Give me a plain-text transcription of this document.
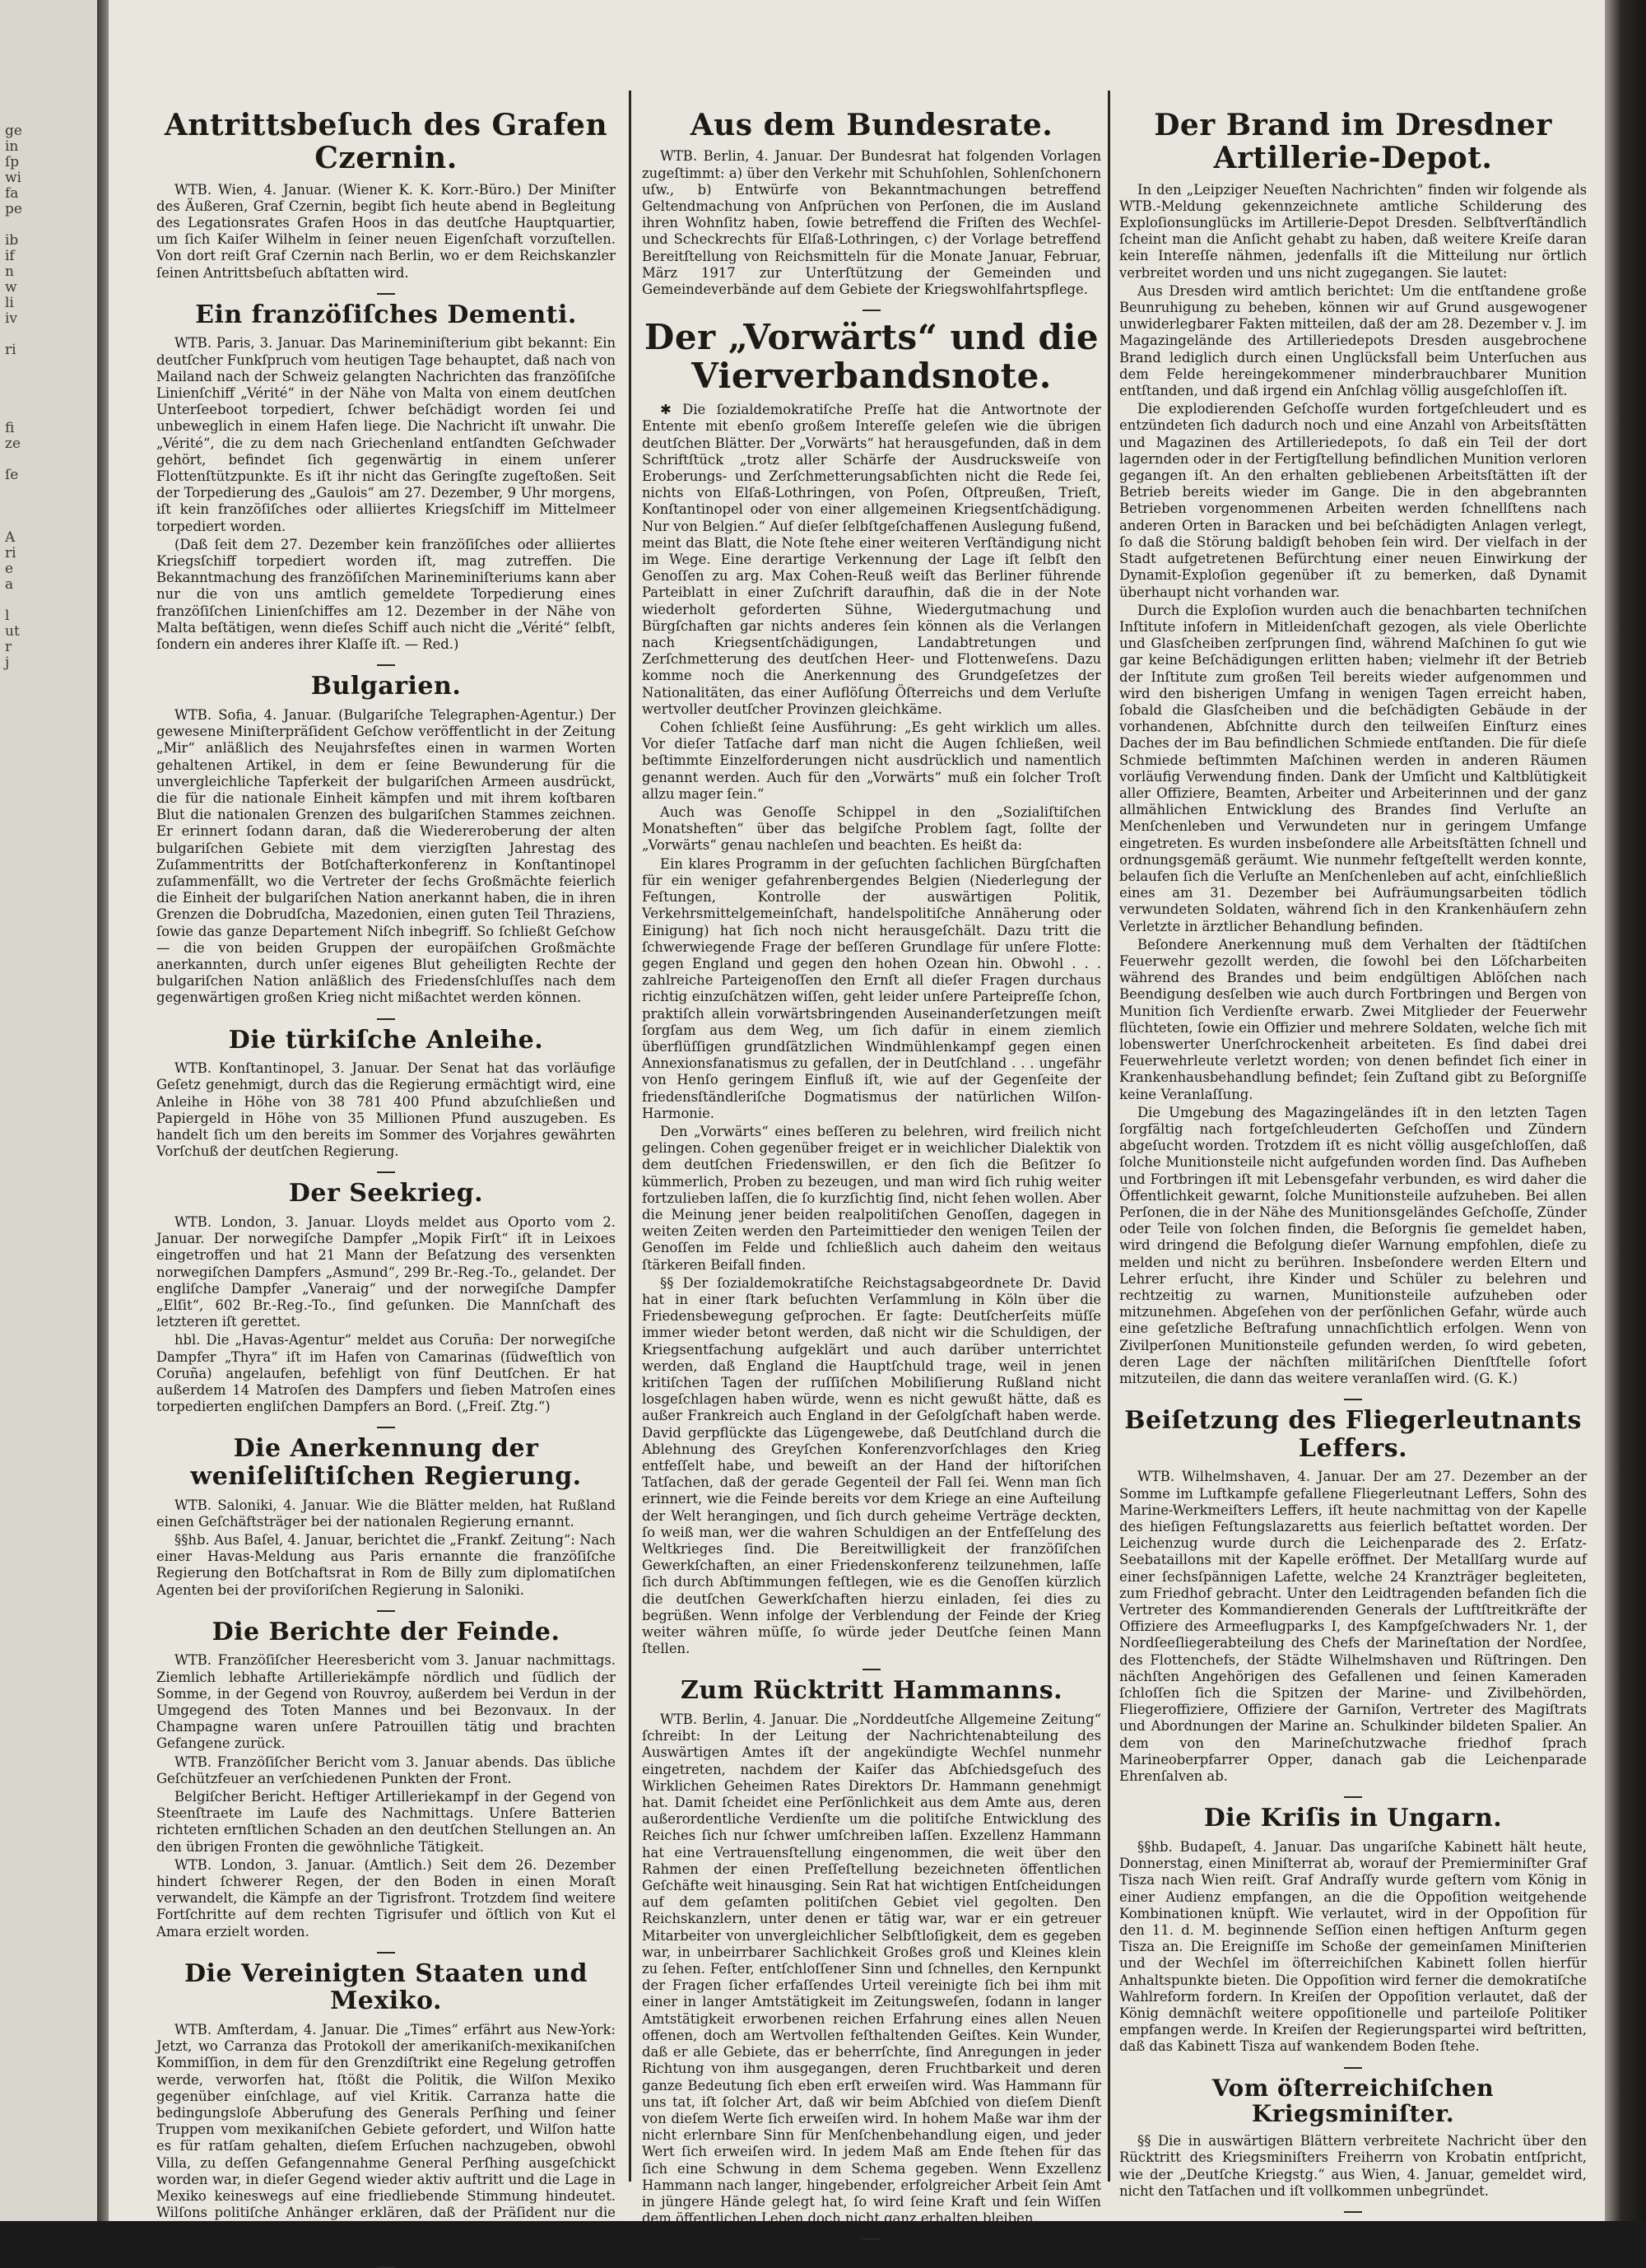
ge
in
ſp
wi
fa
pe
ib
if
n
w
li
iv
ri
fi
ze
ſe
A
ri
e
a
l
ut
r
j
Antrittsbeſuch des Grafen Czernin.

WTB. Wien, 4. Januar. (Wiener K. K. Korr.-Büro.) Der Miniſter des Äußeren, Graf Czernin, begibt ſich heute abend in Begleitung des Legationsrates Grafen Hoos in das deutſche Hauptquartier, um ſich Kaiſer Wilhelm in ſeiner neuen Eigenſchaft vorzuſtellen. Von dort reiſt Graf Czernin nach Berlin, wo er dem Reichskanzler ſeinen Antrittsbeſuch abſtatten wird.

Ein franzöſiſches Dementi.

WTB. Paris, 3. Januar. Das Marineminiſterium gibt bekannt: Ein deutſcher Funkſpruch vom heutigen Tage behauptet, daß nach von Mailand nach der Schweiz gelangten Nachrichten das franzöſiſche Linienſchiff „Vérité“ in der Nähe von Malta von einem deutſchen Unterſeeboot torpediert, ſchwer beſchädigt worden ſei und unbeweglich in einem Hafen liege. Die Nachricht iſt unwahr. Die „Vérité“, die zu dem nach Griechenland entſandten Geſchwader gehört, befindet ſich gegenwärtig in einem unſerer Flottenſtützpunkte. Es iſt ihr nicht das Geringſte zugeſtoßen. Seit der Torpedierung des „Gaulois“ am 27. Dezember, 9 Uhr morgens, iſt kein franzöſiſches oder alliiertes Kriegsſchiff im Mittelmeer torpediert worden.

(Daß ſeit dem 27. Dezember kein franzöſiſches oder alliiertes Kriegsſchiff torpediert worden iſt, mag zutreffen. Die Bekanntmachung des franzöſiſchen Marineminiſteriums kann aber nur die von uns amtlich gemeldete Torpedierung eines franzöſiſchen Linienſchiffes am 12. Dezember in der Nähe von Malta beſtätigen, wenn dieſes Schiff auch nicht die „Vérité“ ſelbſt, ſondern ein anderes ihrer Klaſſe iſt. — Red.)

Bulgarien.

WTB. Sofia, 4. Januar. (Bulgariſche Telegraphen-Agentur.) Der gewesene Miniſterpräſident Geſchow veröffentlicht in der Zeitung „Mir“ anläßlich des Neujahrsfeſtes einen in warmen Worten gehaltenen Artikel, in dem er ſeine Bewunderung für die unvergleichliche Tapferkeit der bulgariſchen Armeen ausdrückt, die für die nationale Einheit kämpfen und mit ihrem koſtbaren Blut die nationalen Grenzen des bulgariſchen Stammes zeichnen. Er erinnert ſodann daran, daß die Wiedereroberung der alten bulgariſchen Gebiete mit dem vierzigſten Jahrestag des Zuſammentritts der Botſchafterkonferenz in Konſtantinopel zuſammenfällt, wo die Vertreter der ſechs Großmächte feierlich die Einheit der bulgariſchen Nation anerkannt haben, die in ihren Grenzen die Dobrudſcha, Mazedonien, einen guten Teil Thraziens, ſowie das ganze Departement Niſch inbegriff. So ſchließt Geſchow — die von beiden Gruppen der europäiſchen Großmächte anerkannten, durch unſer eigenes Blut geheiligten Rechte der bulgariſchen Nation anläßlich des Friedensſchluſſes nach dem gegenwärtigen großen Krieg nicht mißachtet werden können.

Die türkiſche Anleihe.

WTB. Konſtantinopel, 3. Januar. Der Senat hat das vorläufige Geſetz genehmigt, durch das die Regierung ermächtigt wird, eine Anleihe in Höhe von 38 781 400 Pfund abzuſchließen und Papiergeld in Höhe von 35 Millionen Pfund auszugeben. Es handelt ſich um den bereits im Sommer des Vorjahres gewährten Vorſchuß der deutſchen Regierung.

Der Seekrieg.

WTB. London, 3. Januar. Lloyds meldet aus Oporto vom 2. Januar. Der norwegiſche Dampfer „Mopik Firſt“ iſt in Leixoes eingetroffen und hat 21 Mann der Beſatzung des versenkten norwegiſchen Dampfers „Asmund“, 299 Br.-Reg.-To., gelandet. Der engliſche Dampfer „Vaneraig“ und der norwegiſche Dampfer „Elſit“, 602 Br.-Reg.-To., ſind geſunken. Die Mannſchaft des letzteren iſt gerettet.

hbl. Die „Havas-Agentur“ meldet aus Coruña: Der norwegiſche Dampfer „Thyra“ iſt im Hafen von Camarinas (ſüdweſtlich von Coruña) angelaufen, befehligt von fünf Deutſchen. Er hat außerdem 14 Matroſen des Dampfers und ſieben Matroſen eines torpedierten engliſchen Dampfers an Bord. („Freiſ. Ztg.“)

Die Anerkennung der weniſeliſtiſchen Regierung.

WTB. Saloniki, 4. Januar. Wie die Blätter melden, hat Rußland einen Geſchäftsträger bei der nationalen Regierung ernannt.

§§hb. Aus Baſel, 4. Januar, berichtet die „Frankf. Zeitung“: Nach einer Havas-Meldung aus Paris ernannte die franzöſiſche Regierung den Botſchaftsrat in Rom de Billy zum diplomatiſchen Agenten bei der proviſoriſchen Regierung in Saloniki.

Die Berichte der Feinde.

WTB. Franzöſiſcher Heeresbericht vom 3. Januar nachmittags. Ziemlich lebhafte Artilleriekämpfe nördlich und ſüdlich der Somme, in der Gegend von Rouvroy, außerdem bei Verdun in der Umgegend des Toten Mannes und bei Bezonvaux. In der Champagne waren unſere Patrouillen tätig und brachten Gefangene zurück.

WTB. Franzöſiſcher Bericht vom 3. Januar abends. Das übliche Geſchützfeuer an verſchiedenen Punkten der Front.

Belgiſcher Bericht. Heftiger Artilleriekampf in der Gegend von Steenſtraete im Laufe des Nachmittags. Unſere Batterien richteten ernſtlichen Schaden an den deutſchen Stellungen an. An den übrigen Fronten die gewöhnliche Tätigkeit.

WTB. London, 3. Januar. (Amtlich.) Seit dem 26. Dezember hindert ſchwerer Regen, der den Boden in einen Moraſt verwandelt, die Kämpfe an der Tigrisfront. Trotzdem ſind weitere Fortſchritte auf dem rechten Tigrisufer und öſtlich von Kut el Amara erzielt worden.

Die Vereinigten Staaten und Mexiko.

WTB. Amſterdam, 4. Januar. Die „Times“ erfährt aus New-York: Jetzt, wo Carranza das Protokoll der amerikaniſch-mexikaniſchen Kommiſſion, in dem für den Grenzdiſtrikt eine Regelung getroffen werde, verworfen hat, ſtößt die Politik, die Wilſon Mexiko gegenüber einſchlage, auf viel Kritik. Carranza hatte die bedingungsloſe Abberufung des Generals Perſhing und ſeiner Truppen vom mexikaniſchen Gebiete gefordert, und Wilſon hatte es für ratſam gehalten, dieſem Erſuchen nachzugeben, obwohl Villa, zu deſſen Gefangennahme General Perſhing ausgeſchickt worden war, in dieſer Gegend wieder aktiv auftritt und die Lage in Mexiko keineswegs auf eine friedliebende Stimmung hindeutet. Wilſons politiſche Anhänger erklären, daß der Präſident nur die ernſte Verlangen habe, Mexiko jede Gelegenheit zu geben, ſeine Angelegenheiten ſelbſt zu regeln.

Aus dem Bundesrate.

WTB. Berlin, 4. Januar. Der Bundesrat hat folgenden Vorlagen zugeſtimmt: a) über den Verkehr mit Schuhſohlen, Sohlenſchonern uſw., b) Entwürfe von Bekanntmachungen betreffend Geltendmachung von Anſprüchen von Perſonen, die im Ausland ihren Wohnſitz haben, ſowie betreffend die Friſten des Wechſel- und Scheckrechts für Elſaß-Lothringen, c) der Vorlage betreffend Bereitſtellung von Reichsmitteln für die Monate Januar, Februar, März 1917 zur Unterſtützung der Gemeinden und Gemeindeverbände auf dem Gebiete der Kriegswohlfahrtspflege.

Der „Vorwärts“ und die Vierverbandsnote.

✱ Die ſozialdemokratiſche Preſſe hat die Antwortnote der Entente mit ebenſo großem Intereſſe geleſen wie die übrigen deutſchen Blätter. Der „Vorwärts“ hat herausgefunden, daß in dem Schriftſtück „trotz aller Schärfe der Ausdrucksweiſe von Eroberungs- und Zerſchmetterungsabſichten nicht die Rede ſei, nichts von Elſaß-Lothringen, von Poſen, Oſtpreußen, Trieſt, Konſtantinopel oder von einer allgemeinen Kriegsentſchädigung. Nur von Belgien.“ Auf dieſer ſelbſtgeſchaffenen Auslegung fußend, meint das Blatt, die Note ſtehe einer weiteren Verſtändigung nicht im Wege. Eine derartige Verkennung der Lage iſt ſelbſt den Genoſſen zu arg. Max Cohen-Reuß weiſt das Berliner führende Parteiblatt in einer Zuſchrift daraufhin, daß die in der Note wiederholt geforderten Sühne, Wiedergutmachung und Bürgſchaften gar nichts anderes ſein können als die Verlangen nach Kriegsentſchädigungen, Landabtretungen und Zerſchmetterung des deutſchen Heer- und Flottenweſens. Dazu komme noch die Anerkennung des Grundgeſetzes der Nationalitäten, das einer Auflöſung Öſterreichs und dem Verluſte wertvoller deutſcher Provinzen gleichkäme.

Cohen ſchließt ſeine Ausführung: „Es geht wirklich um alles. Vor dieſer Tatſache darf man nicht die Augen ſchließen, weil beſtimmte Einzelforderungen nicht ausdrücklich und namentlich genannt werden. Auch für den „Vorwärts“ muß ein ſolcher Troſt allzu mager ſein.“

Auch was Genoſſe Schippel in den „Sozialiſtiſchen Monatsheften“ über das belgiſche Problem ſagt, ſollte der „Vorwärts“ genau nachleſen und beachten. Es heißt da:

Ein klares Programm in der geſuchten ſachlichen Bürgſchaften für ein weniger gefahrenbergendes Belgien (Niederlegung der Feſtungen, Kontrolle der auswärtigen Politik, Verkehrsmittelgemeinſchaft, handelspolitiſche Annäherung oder Einigung) hat ſich noch nicht herausgeſchält. Dazu tritt die ſchwerwiegende Frage der beſſeren Grundlage für unſere Flotte: gegen England und gegen den hohen Ozean hin. Obwohl . . . zahlreiche Parteigenoſſen den Ernſt all dieſer Fragen durchaus richtig einzuſchätzen wiſſen, geht leider unſere Parteipreſſe ſchon, praktiſch allein vorwärtsbringenden Auseinanderſetzungen meiſt ſorgſam aus dem Weg, um ſich dafür in einem ziemlich überflüſſigen grundſätzlichen Windmühlenkampf gegen einen Annexionsfanatismus zu gefallen, der in Deutſchland . . . ungefähr von Henſo geringem Einfluß iſt, wie auf der Gegenſeite der friedensſtändleriſche Dogmatismus der natürlichen Wilſon-Harmonie.

Den „Vorwärts“ eines beſſeren zu belehren, wird freilich nicht gelingen. Cohen gegenüber freiget er in weichlicher Dialektik von dem deutſchen Friedenswillen, er den ſich die Beſitzer ſo kümmerlich, Proben zu bezeugen, und man wird ſich ruhig weiter fortzulieben laſſen, die ſo kurzſichtig ſind, nicht ſehen wollen. Aber die Meinung jener beiden realpolitiſchen Genoſſen, dagegen in weiten Zeiten werden den Parteimittieder den wenigen Teilen der Genoſſen im Felde und ſchließlich auch daheim den weitaus ſtärkeren Beifall finden.

§§ Der ſozialdemokratiſche Reichstagsabgeordnete Dr. David hat in einer ſtark beſuchten Verſammlung in Köln über die Friedensbewegung geſprochen. Er ſagte: Deutſcherſeits müſſe immer wieder betont werden, daß nicht wir die Schuldigen, der Kriegsentfachung aufgeklärt und auch darüber unterrichtet werden, daß England die Hauptſchuld trage, weil in jenen kritiſchen Tagen der ruſſiſchen Mobiliſierung Rußland nicht losgeſchlagen haben würde, wenn es nicht gewußt hätte, daß es außer Frankreich auch England in der Geſolgſchaft haben werde. David gerpflückte das Lügengewebe, daß Deutſchland durch die Ablehnung des Greyſchen Konferenzvorſchlages den Krieg entfeſſelt habe, und beweiſt an der Hand der hiſtoriſchen Tatſachen, daß der gerade Gegenteil der Fall ſei. Wenn man ſich erinnert, wie die Feinde bereits vor dem Kriege an eine Aufteilung der Welt herangingen, und ſich durch geheime Verträge deckten, ſo weiß man, wer die wahren Schuldigen an der Entfeſſelung des Weltkrieges ſind. Die Bereitwilligkeit der franzöſiſchen Gewerkſchaften, an einer Friedenskonferenz teilzunehmen, laſſe ſich durch Abſtimmungen feſtlegen, wie es die Genoſſen kürzlich die deutſchen Gewerkſchaften hierzu einladen, ſei dies zu begrüßen. Wenn infolge der Verblendung der Feinde der Krieg weiter währen müſſe, ſo würde jeder Deutſche ſeinen Mann ſtellen.

Zum Rücktritt Hammanns.

WTB. Berlin, 4. Januar. Die „Norddeutſche Allgemeine Zeitung“ ſchreibt: In der Leitung der Nachrichtenabteilung des Auswärtigen Amtes iſt der angekündigte Wechſel nunmehr eingetreten, nachdem der Kaiſer das Abſchiedsgeſuch des Wirklichen Geheimen Rates Direktors Dr. Hammann genehmigt hat. Damit ſcheidet eine Perſönlichkeit aus dem Amte aus, deren außerordentliche Verdienſte um die politiſche Entwicklung des Reiches ſich nur ſchwer umſchreiben laſſen. Exzellenz Hammann hat eine Vertrauensſtellung eingenommen, die weit über den Rahmen der einen Preſſeſtellung bezeichneten öffentlichen Geſchäfte weit hinausging. Sein Rat hat wichtigen Entſcheidungen auf dem geſamten politiſchen Gebiet viel gegolten. Den Reichskanzlern, unter denen er tätig war, war er ein getreuer Mitarbeiter von unvergleichlicher Selbſtloſigkeit, dem es gegeben war, in unbeirrbarer Sachlichkeit Großes groß und Kleines klein zu ſehen. Feſter, entſchloſſener Sinn und ſchnelles, den Kernpunkt der Fragen ſicher erfaſſendes Urteil vereinigte ſich bei ihm mit einer in langer Amtstätigkeit im Zeitungsweſen, ſodann in langer Amtstätigkeit erworbenen reichen Erfahrung eines allen Neuen offenen, doch am Wertvollen feſthaltenden Geiſtes. Kein Wunder, daß er alle Gebiete, das er beherrſchte, ſind Anregungen in jeder Richtung von ihm ausgegangen, deren Fruchtbarkeit und deren ganze Bedeutung ſich eben erſt erweiſen wird. Was Hammann für uns tat, iſt ſolcher Art, daß wir beim Abſchied von dieſem Dienſt von dieſem Werte ſich erweiſen wird. In hohem Maße war ihm der nicht erlernbare Sinn für Menſchenbehandlung eigen, und jeder Wert ſich erweiſen wird. In jedem Maß am Ende ſtehen für das ſich eine Schwung in dem Schema gegeben. Wenn Exzellenz Hammann nach langer, hingebender, erfolgreicher Arbeit ſein Amt in jüngere Hände gelegt hat, ſo wird ſeine Kraft und ſein Wiſſen dem öffentlichen Leben doch nicht ganz erhalten bleiben.

Der Brand im Dresdner Artillerie-Depot.

In den „Leipziger Neueſten Nachrichten“ finden wir folgende als WTB.-Meldung gekennzeichnete amtliche Schilderung des Exploſionsunglücks im Artillerie-Depot Dresden. Selbſtverſtändlich ſcheint man die Anſicht gehabt zu haben, daß weitere Kreiſe daran kein Intereſſe nähmen, jedenfalls iſt die Mitteilung nur örtlich verbreitet worden und uns nicht zugegangen. Sie lautet:

Aus Dresden wird amtlich berichtet: Um die entſtandene große Beunruhigung zu beheben, können wir auf Grund ausgewogener unwiderlegbarer Fakten mitteilen, daß der am 28. Dezember v. J. im Magazingelände des Artilleriedepots Dresden ausgebrochene Brand lediglich durch einen Unglücksfall beim Unterſuchen aus dem Felde hereingekommener minderbrauchbarer Munition entſtanden, und daß irgend ein Anſchlag völlig ausgeſchloſſen iſt.

Die explodierenden Geſchoſſe wurden fortgeſchleudert und es entzündeten ſich dadurch noch und eine Anzahl von Arbeitsſtätten und Magazinen des Artilleriedepots, ſo daß ein Teil der dort lagernden oder in der Fertigſtellung befindlichen Munition verloren gegangen iſt. An den erhalten gebliebenen Arbeitsſtätten iſt der Betrieb bereits wieder im Gange. Die in den abgebrannten Betrieben vorgenommenen Arbeiten werden ſchnellſtens nach anderen Orten in Baracken und bei beſchädigten Anlagen verlegt, ſo daß die Störung baldigſt behoben ſein wird. Der vielfach in der Stadt aufgetretenen Befürchtung einer neuen Einwirkung der Dynamit-Exploſion gegenüber iſt zu bemerken, daß Dynamit überhaupt nicht vorhanden war.

Durch die Exploſion wurden auch die benachbarten techniſchen Inſtitute inſofern in Mitleidenſchaft gezogen, als viele Oberlichte und Glasſcheiben zerſprungen ſind, während Maſchinen ſo gut wie gar keine Beſchädigungen erlitten haben; vielmehr iſt der Betrieb der Inſtitute zum großen Teil bereits wieder aufgenommen und wird den bisherigen Umfang in wenigen Tagen erreicht haben, ſobald die Glasſcheiben und die beſchädigten Gebäude in der vorhandenen, Abſchnitte durch den teilweiſen Einſturz eines Daches der im Bau befindlichen Schmiede entſtanden. Die für dieſe Schmiede beſtimmten Maſchinen werden in anderen Räumen vorläufig Verwendung finden. Dank der Umſicht und Kaltblütigkeit aller Offiziere, Beamten, Arbeiter und Arbeiterinnen und der ganz allmählichen Entwicklung des Brandes ſind Verluſte an Menſchenleben und Verwundeten nur in geringem Umfange eingetreten. Es wurden insbeſondere alle Arbeitsſtätten ſchnell und ordnungsgemäß geräumt. Wie nunmehr feſtgeſtellt werden konnte, belaufen ſich die Verluſte an Menſchenleben auf acht, einſchließlich eines am 31. Dezember bei Aufräumungsarbeiten tödlich verwundeten Soldaten, während ſich in den Krankenhäuſern zehn Verletzte in ärztlicher Behandlung befinden.

Beſondere Anerkennung muß dem Verhalten der ſtädtiſchen Feuerwehr gezollt werden, die ſowohl bei den Löſcharbeiten während des Brandes und beim endgültigen Ablöſchen nach Beendigung desſelben wie auch durch Fortbringen und Bergen von Munition ſich Verdienſte erwarb. Zwei Mitglieder der Feuerwehr flüchteten, ſowie ein Offizier und mehrere Soldaten, welche ſich mit lobenswerter Unerſchrockenheit arbeiteten. Es ſind dabei drei Feuerwehrleute verletzt worden; von denen befindet ſich einer in Krankenhausbehandlung befindet; ſein Zuſtand gibt zu Beſorgniſſe keine Veranlaſſung.

Die Umgebung des Magazingeländes iſt in den letzten Tagen ſorgfältig nach fortgeſchleuderten Geſchoſſen und Zündern abgeſucht worden. Trotzdem iſt es nicht völlig ausgeſchloſſen, daß ſolche Munitionsteile nicht aufgefunden worden ſind. Das Aufheben und Fortbringen iſt mit Lebensgefahr verbunden, es wird daher die Öffentlichkeit gewarnt, ſolche Munitionsteile aufzuheben. Bei allen Perſonen, die in der Nähe des Munitionsgeländes Geſchoſſe, Zünder oder Teile von ſolchen finden, die Beſorgnis ſie gemeldet haben, wird dringend die Befolgung dieſer Warnung empfohlen, dieſe zu melden und nicht zu berühren. Insbeſondere werden Eltern und Lehrer erſucht, ihre Kinder und Schüler zu belehren und rechtzeitig zu warnen, Munitionsteile aufzuheben oder mitzunehmen. Abgeſehen von der perſönlichen Gefahr, würde auch eine geſetzliche Beſtrafung unnachſichtlich erfolgen. Wenn von Zivilperſonen Munitionsteile gefunden werden, ſo wird gebeten, deren Lage der nächſten militäriſchen Dienſtſtelle ſofort mitzuteilen, die dann das weitere veranlaſſen wird. (G. K.)

Beiſetzung des Fliegerleutnants Leffers.

WTB. Wilhelmshaven, 4. Januar. Der am 27. Dezember an der Somme im Luftkampfe gefallene Fliegerleutnant Leffers, Sohn des Marine-Werkmeiſters Leffers, iſt heute nachmittag von der Kapelle des hieſigen Feſtungslazaretts aus feierlich beſtattet worden. Der Leichenzug wurde durch die Leichenparade des 2. Erſatz-Seebataillons mit der Kapelle eröffnet. Der Metallſarg wurde auf einer ſechsſpännigen Lafette, welche 24 Kranzträger begleiteten, zum Friedhof gebracht. Unter den Leidtragenden befanden ſich die Vertreter des Kommandierenden Generals der Luftſtreitkräfte der Offiziere des Armeeflugparks I, des Kampfgeſchwaders Nr. 1, der Nordſeeſliegerabteilung des Chefs der Marineſtation der Nordſee, des Flottenchefs, der Städte Wilhelmshaven und Rüſtringen. Den nächſten Angehörigen des Gefallenen und ſeinen Kameraden ſchloſſen ſich die Spitzen der Marine- und Zivilbehörden, Fliegeroffiziere, Offiziere der Garniſon, Vertreter des Magiſtrats und Abordnungen der Marine an. Schulkinder bildeten Spalier. An dem von den Marineſchutzwache friedhof ſprach Marineoberpfarrer Opper, danach gab die Leichenparade Ehrenſalven ab.

Die Kriſis in Ungarn.

§§hb. Budapeſt, 4. Januar. Das ungariſche Kabinett hält heute, Donnerstag, einen Miniſterrat ab, worauf der Premierminiſter Graf Tisza nach Wien reiſt. Graf Andraſſy wurde geſtern vom König in einer Audienz empfangen, an die die Oppoſition weitgehende Kombinationen knüpft. Wie verlautet, wird in der Oppoſition für den 11. d. M. beginnende Seſſion einen heftigen Anſturm gegen Tisza an. Die Ereigniſſe im Schoße der gemeinſamen Miniſterien und der Wechſel im öſterreichiſchen Kabinett ſollen hierfür Anhaltspunkte bieten. Die Oppoſition wird ferner die demokratiſche Wahlreform fordern. In Kreiſen der Oppoſition verlautet, daß der König demnächſt weitere oppoſitionelle und parteiloſe Politiker empfangen werde. In Kreiſen der Regierungspartei wird beſtritten, daß das Kabinett Tisza auf wankendem Boden ſtehe.

Vom öſterreichiſchen Kriegsminiſter.

§§ Die in auswärtigen Blättern verbreitete Nachricht über den Rücktritt des Kriegsminiſters Freiherrn von Krobatin entſpricht, wie der „Deutſche Kriegstg.“ aus Wien, 4. Januar, gemeldet wird, nicht den Tatſachen und iſt vollkommen unbegründet.
